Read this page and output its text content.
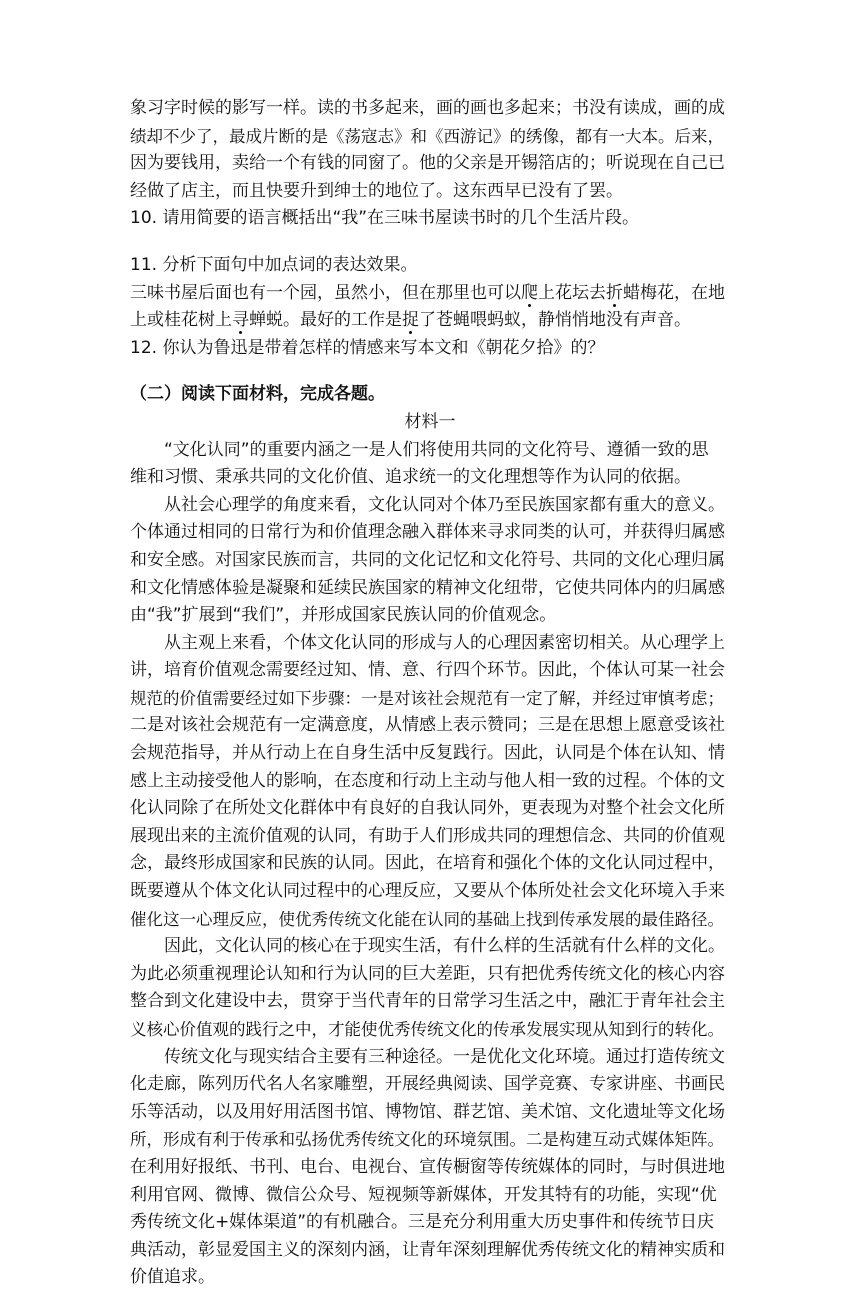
象习字时候的影写一样。读的书多起来，画的画也多起来；书没有读成，画的成
绩却不少了，最成片断的是《荡寇志》和《西游记》的绣像，都有一大本。后来，
因为要钱用，卖给一个有钱的同窗了。他的父亲是开锡箔店的；听说现在自己已
经做了店主，而且快要升到绅士的地位了。这东西早已没有了罢。
10. 请用简要的语言概括出“我”在三味书屋读书时的几个生活片段。
11. 分析下面句中加点词的表达效果。
三味书屋后面也有一个园，虽然小，但在那里也可以爬上花坛去折蜡梅花，在地
上或桂花树上寻蝉蜕。最好的工作是捉了苍蝇喂蚂蚁，静悄悄地没有声音。
12. 你认为鲁迅是带着怎样的情感来写本文和《朝花夕拾》的？
（二）阅读下面材料，完成各题。
材料一
“文化认同”的重要内涵之一是人们将使用共同的文化符号、遵循一致的思
维和习惯、秉承共同的文化价值、追求统一的文化理想等作为认同的依据。
从社会心理学的角度来看，文化认同对个体乃至民族国家都有重大的意义。
个体通过相同的日常行为和价值理念融入群体来寻求同类的认可，并获得归属感
和安全感。对国家民族而言，共同的文化记忆和文化符号、共同的文化心理归属
和文化情感体验是凝聚和延续民族国家的精神文化纽带，它使共同体内的归属感
由“我”扩展到“我们”，并形成国家民族认同的价值观念。
从主观上来看，个体文化认同的形成与人的心理因素密切相关。从心理学上
讲，培育价值观念需要经过知、情、意、行四个环节。因此，个体认可某一社会
规范的价值需要经过如下步骤：一是对该社会规范有一定了解，并经过审慎考虑；
二是对该社会规范有一定满意度，从情感上表示赞同；三是在思想上愿意受该社
会规范指导，并从行动上在自身生活中反复践行。因此，认同是个体在认知、情
感上主动接受他人的影响，在态度和行动上主动与他人相一致的过程。个体的文
化认同除了在所处文化群体中有良好的自我认同外，更表现为对整个社会文化所
展现出来的主流价值观的认同，有助于人们形成共同的理想信念、共同的价值观
念，最终形成国家和民族的认同。因此，在培育和强化个体的文化认同过程中，
既要遵从个体文化认同过程中的心理反应，又要从个体所处社会文化环境入手来
催化这一心理反应，使优秀传统文化能在认同的基础上找到传承发展的最佳路径。
因此，文化认同的核心在于现实生活，有什么样的生活就有什么样的文化。
为此必须重视理论认知和行为认同的巨大差距，只有把优秀传统文化的核心内容
整合到文化建设中去，贯穿于当代青年的日常学习生活之中，融汇于青年社会主
义核心价值观的践行之中，才能使优秀传统文化的传承发展实现从知到行的转化。
传统文化与现实结合主要有三种途径。一是优化文化环境。通过打造传统文
化走廊，陈列历代名人名家雕塑，开展经典阅读、国学竞赛、专家讲座、书画民
乐等活动，以及用好用活图书馆、博物馆、群艺馆、美术馆、文化遗址等文化场
所，形成有利于传承和弘扬优秀传统文化的环境氛围。二是构建互动式媒体矩阵。
在利用好报纸、书刊、电台、电视台、宣传橱窗等传统媒体的同时，与时俱进地
利用官网、微博、微信公众号、短视频等新媒体，开发其特有的功能，实现“优
秀传统文化+媒体渠道”的有机融合。三是充分利用重大历史事件和传统节日庆
典活动，彰显爱国主义的深刻内涵，让青年深刻理解优秀传统文化的精神实质和
价值追求。
